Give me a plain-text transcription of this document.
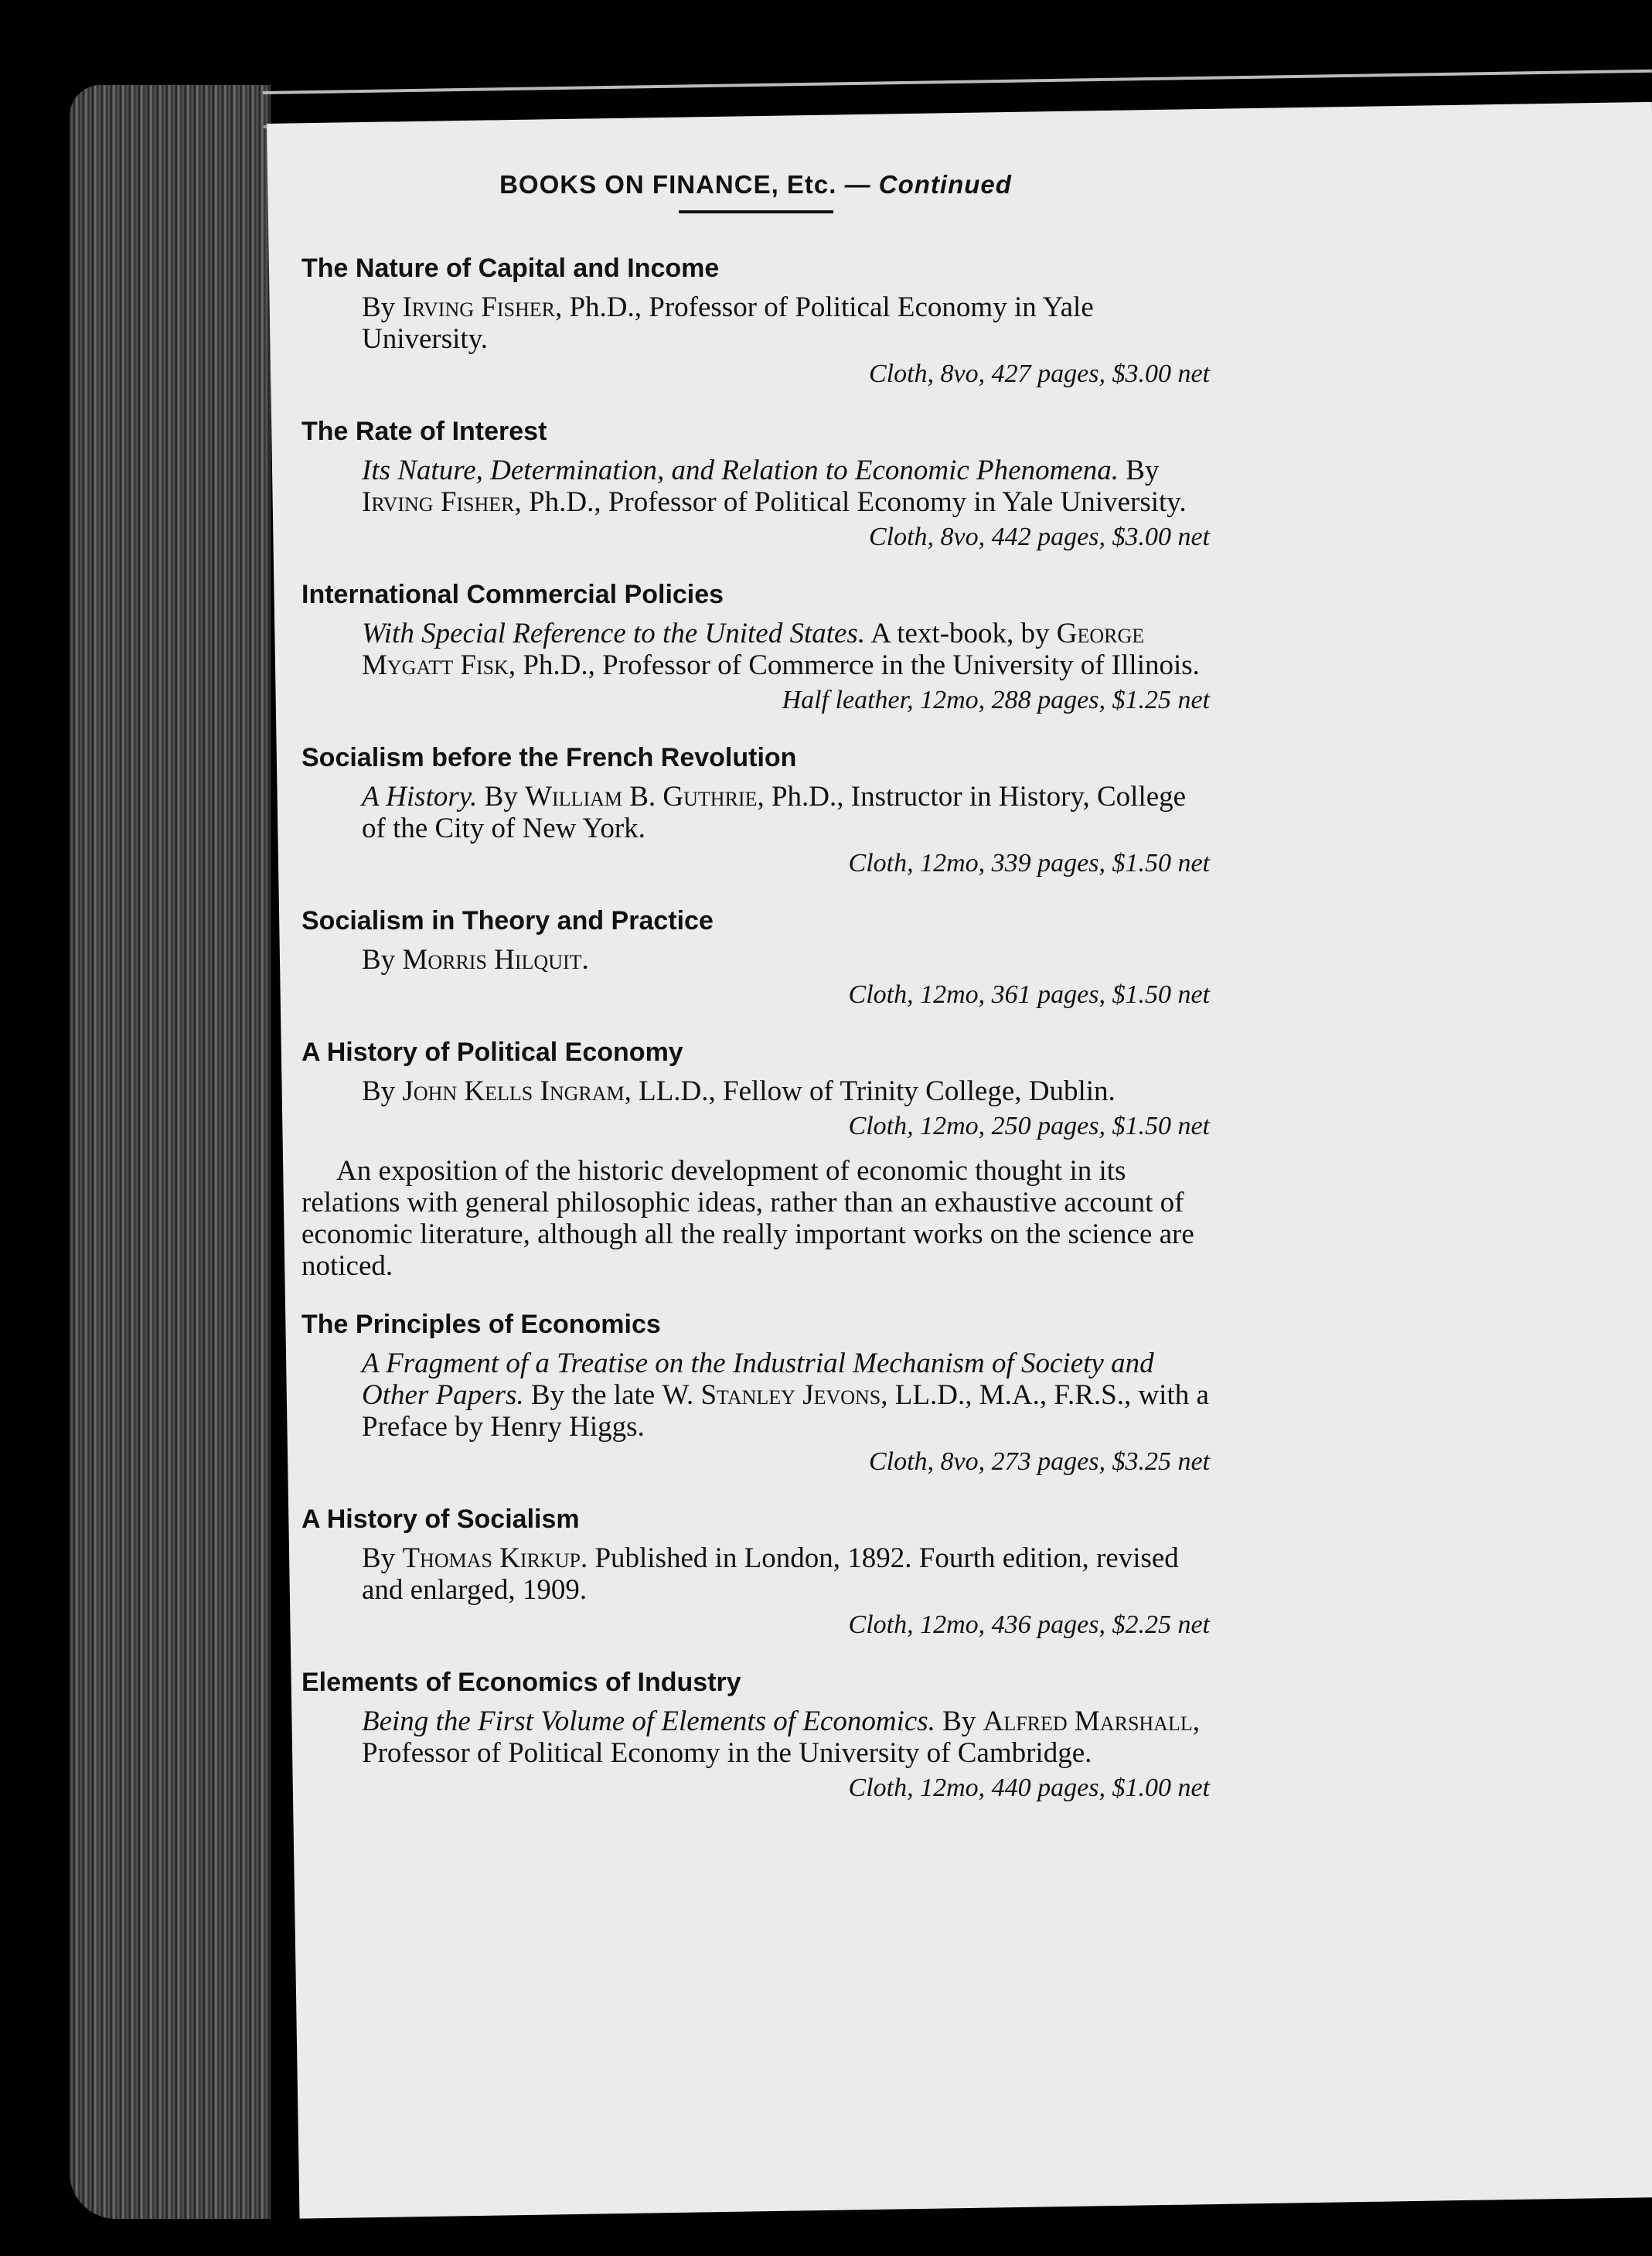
BOOKS ON FINANCE, Etc. — Continued
The Nature of Capital and Income
By Irving Fisher, Ph.D., Professor of Political Economy in Yale University.
Cloth, 8vo, 427 pages, $3.00 net
The Rate of Interest
Its Nature, Determination, and Relation to Economic Phenomena. By Irving Fisher, Ph.D., Professor of Political Economy in Yale University.
Cloth, 8vo, 442 pages, $3.00 net
International Commercial Policies
With Special Reference to the United States. A text-book, by George Mygatt Fisk, Ph.D., Professor of Commerce in the University of Illinois.
Half leather, 12mo, 288 pages, $1.25 net
Socialism before the French Revolution
A History. By William B. Guthrie, Ph.D., Instructor in History, College of the City of New York.
Cloth, 12mo, 339 pages, $1.50 net
Socialism in Theory and Practice
By Morris Hilquit.
Cloth, 12mo, 361 pages, $1.50 net
A History of Political Economy
By John Kells Ingram, LL.D., Fellow of Trinity College, Dublin.
Cloth, 12mo, 250 pages, $1.50 net
An exposition of the historic development of economic thought in its relations with general philosophic ideas, rather than an exhaustive account of economic literature, although all the really important works on the science are noticed.
The Principles of Economics
A Fragment of a Treatise on the Industrial Mechanism of Society and Other Papers. By the late W. Stanley Jevons, LL.D., M.A., F.R.S., with a Preface by Henry Higgs.
Cloth, 8vo, 273 pages, $3.25 net
A History of Socialism
By Thomas Kirkup. Published in London, 1892. Fourth edition, revised and enlarged, 1909.
Cloth, 12mo, 436 pages, $2.25 net
Elements of Economics of Industry
Being the First Volume of Elements of Economics. By Alfred Marshall, Professor of Political Economy in the University of Cambridge.
Cloth, 12mo, 440 pages, $1.00 net
